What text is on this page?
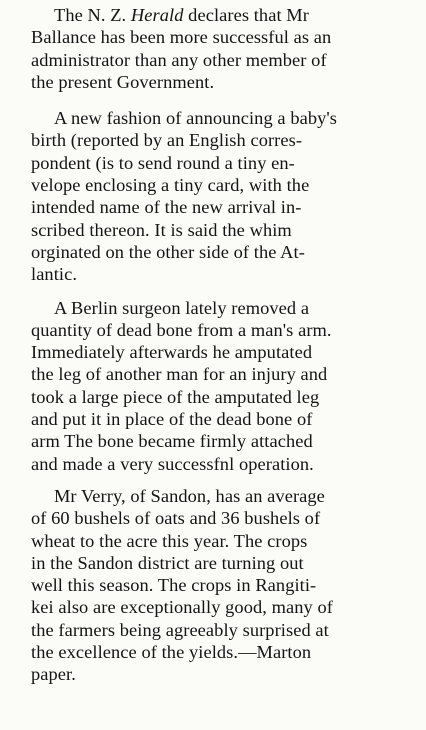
The N. Z. Herald declares that Mr
Ballance has been more successful as an
administrator than any other member of
the present Government.
A new fashion of announcing a baby's
birth (reported by an English corres-
pondent (is to send round a tiny en-
velope enclosing a tiny card, with the
intended name of the new arrival in-
scribed thereon. It is said the whim
orginated on the other side of the At-
lantic.
A Berlin surgeon lately removed a
quantity of dead bone from a man's arm.
Immediately afterwards he amputated
the leg of another man for an injury and
took a large piece of the amputated leg
and put it in place of the dead bone of
arm The bone became firmly attached
and made a very successfnl operation.
Mr Verry, of Sandon, has an average
of 60 bushels of oats and 36 bushels of
wheat to the acre this year. The crops
in the Sandon district are turning out
well this season. The crops in Rangiti-
kei also are exceptionally good, many of
the farmers being agreeably surprised at
the excellence of the yields.—Marton
paper.
